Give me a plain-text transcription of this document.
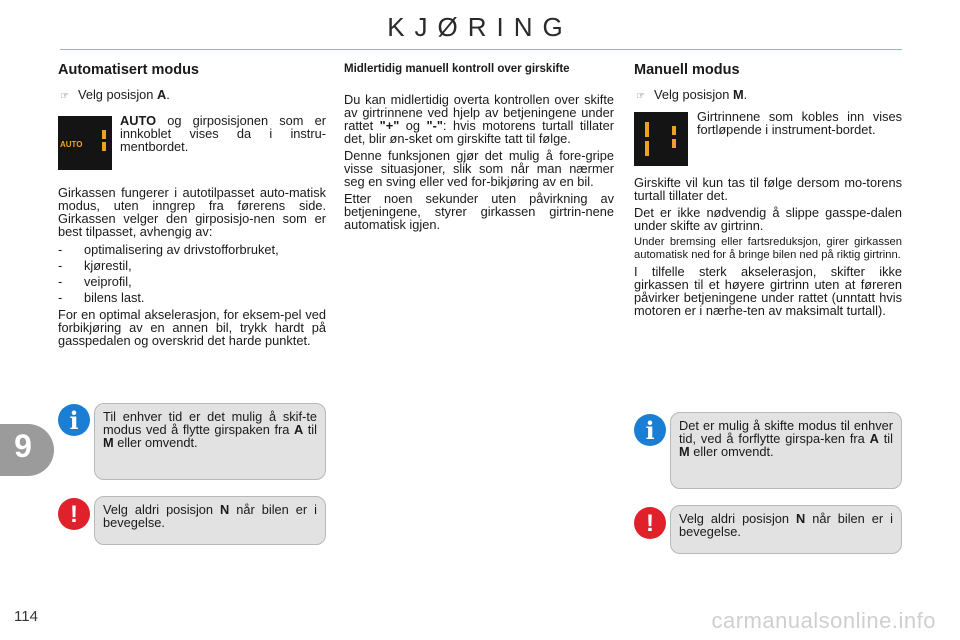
KJØRING
9
Automatisert modus
☞ Velg posisjon A.
AUTO
AUTO og girposisjonen som er innkoblet vises da i instru-mentbordet.

Girkassen fungerer i autotilpasset auto-matisk modus, uten inngrep fra førerens side. Girkassen velger den girposisjo-nen som er best tilpasset, avhengig av:

- optimalisering av drivstofforbruket,
- kjørestil,
- veiprofil,
- bilens last.
For en optimal akselerasjon, for eksem-pel ved forbikjøring av en annen bil, trykk hardt på gasspedalen og overskrid det harde punktet.
i	Til enhver tid er det mulig å skif-te modus ved å flytte girspaken fra A til M eller omvendt.
!	Velg aldri posisjon N når bilen er i bevegelse.
Midlertidig manuell kontroll over girskifte

Du kan midlertidig overta kontrollen over skifte av girtrinnene ved hjelp av betjeningene under rattet "+" og "-": hvis motorens turtall tillater det, blir øn-sket om girskifte tatt til følge.

Denne funksjonen gjør det mulig å fore-gripe visse situasjoner, slik som når man nærmer seg en sving eller ved for-bikjøring av en bil.

Etter noen sekunder uten påvirkning av betjeningene, styrer girkassen girtrin-nene automatisk igjen.

Manuell modus
☞ Velg posisjon M.
Girtrinnene som kobles inn vises fortløpende i instrument-bordet.

Girskifte vil kun tas til følge dersom mo-torens turtall tillater det.

Det er ikke nødvendig å slippe gasspe-dalen under skifte av girtrinn.

Under bremsing eller fartsreduksjon, girer girkassen automatisk ned for å bringe bilen ned på riktig girtrinn.

I tilfelle sterk akselerasjon, skifter ikke girkassen til et høyere girtrinn uten at føreren påvirker betjeningene under rattet (unntatt hvis motoren er i nærhe-ten av maksimalt turtall).

i	Det er mulig å skifte modus til enhver tid, ved å forflytte girspa-ken fra A til M eller omvendt.
!	Velg aldri posisjon N når bilen er i bevegelse.
114	carmanualsonline.info
